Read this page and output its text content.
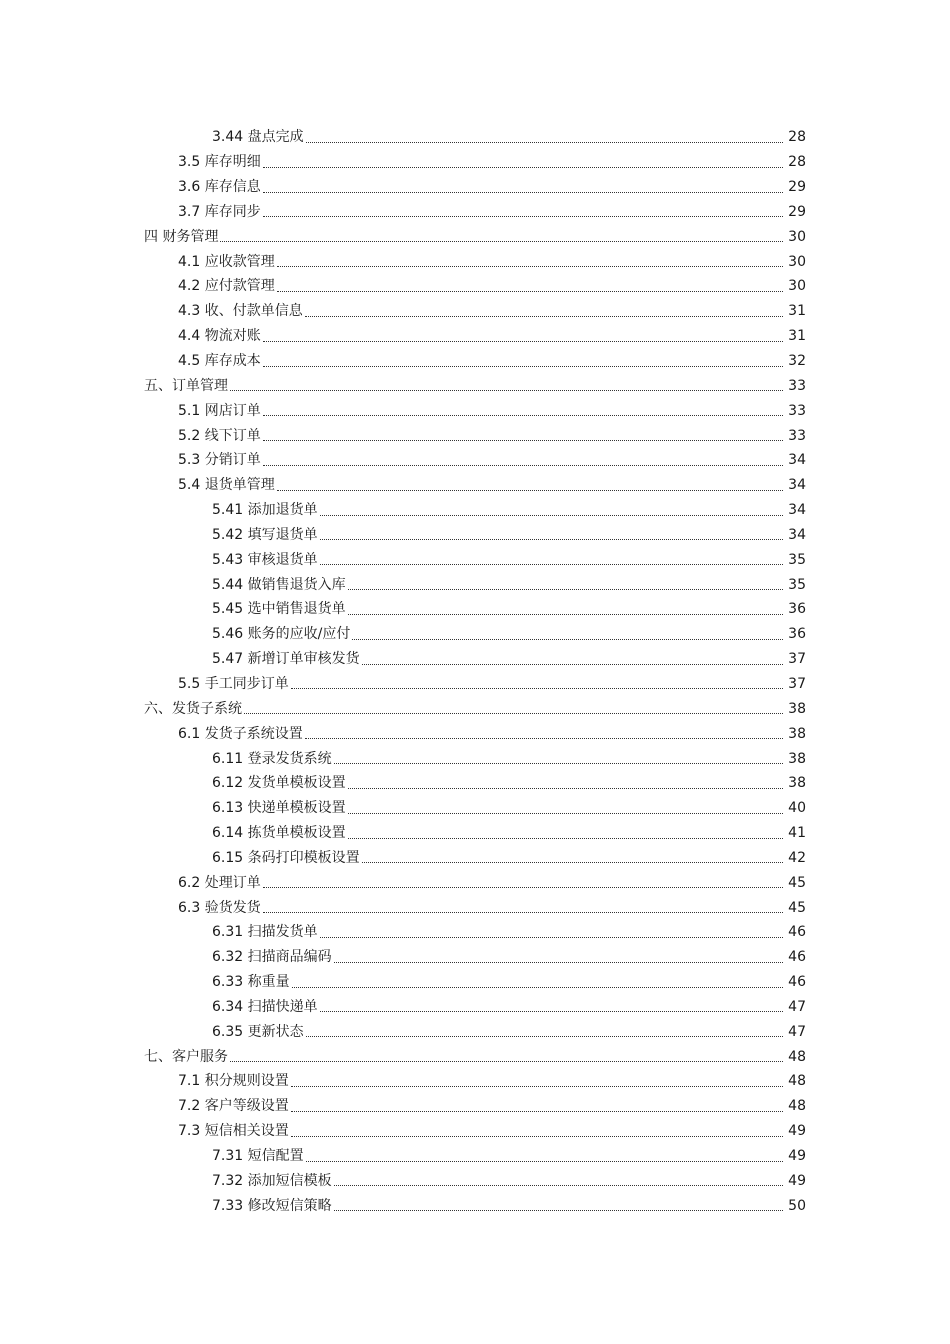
3.44 盘点完成	28
3.5 库存明细	28
3.6 库存信息	29
3.7 库存同步	29
四 财务管理	30
4.1 应收款管理	30
4.2 应付款管理	30
4.3 收、付款单信息	31
4.4 物流对账	31
4.5 库存成本	32
五、订单管理	33
5.1 网店订单	33
5.2 线下订单	33
5.3 分销订单	34
5.4 退货单管理	34
5.41 添加退货单	34
5.42 填写退货单	34
5.43 审核退货单	35
5.44 做销售退货入库	35
5.45 选中销售退货单	36
5.46 账务的应收/应付	36
5.47 新增订单审核发货	37
5.5 手工同步订单	37
六、发货子系统	38
6.1 发货子系统设置	38
6.11 登录发货系统	38
6.12 发货单模板设置	38
6.13 快递单模板设置	40
6.14 拣货单模板设置	41
6.15 条码打印模板设置	42
6.2 处理订单	45
6.3 验货发货	45
6.31 扫描发货单	46
6.32 扫描商品编码	46
6.33 称重量	46
6.34 扫描快递单	47
6.35 更新状态	47
七、客户服务	48
7.1 积分规则设置	48
7.2 客户等级设置	48
7.3 短信相关设置	49
7.31 短信配置	49
7.32 添加短信模板	49
7.33 修改短信策略	50
